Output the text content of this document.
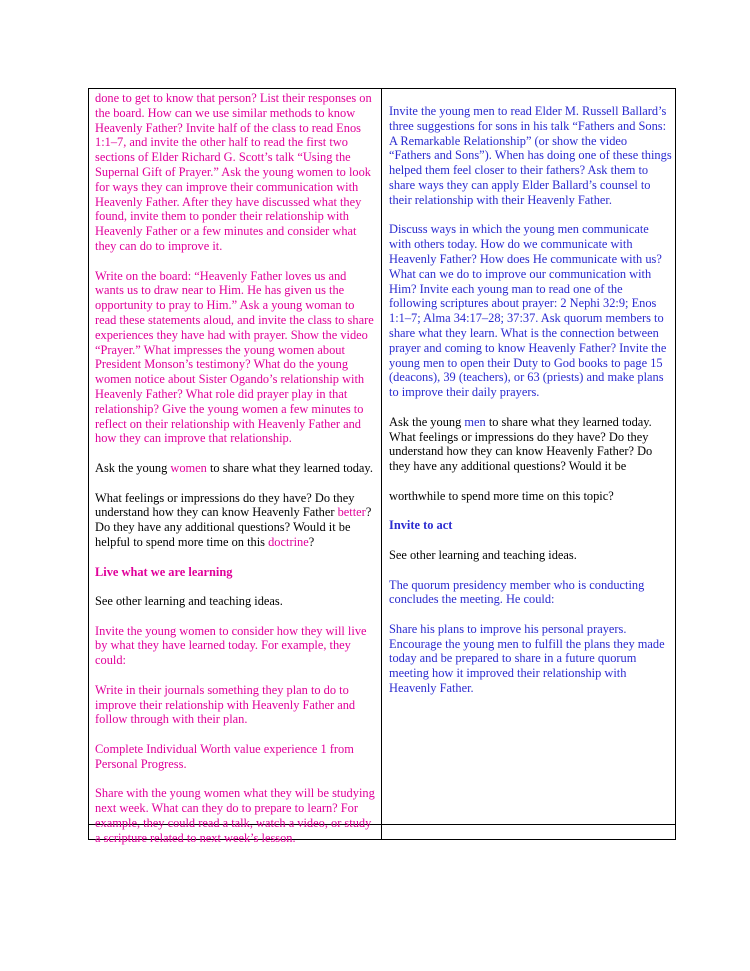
done to get to know that person? List their responses on the board. How can we use similar methods to know Heavenly Father? Invite half of the class to read Enos 1:1–7, and invite the other half to read the first two sections of Elder Richard G. Scott’s talk “Using the Supernal Gift of Prayer.” Ask the young women to look for ways they can improve their communication with Heavenly Father. After they have discussed what they found, invite them to ponder their relationship with Heavenly Father or a few minutes and consider what they can do to improve it.

Write on the board: “Heavenly Father loves us and wants us to draw near to Him. He has given us the opportunity to pray to Him.” Ask a young woman to read these statements aloud, and invite the class to share experiences they have had with prayer. Show the video “Prayer.” What impresses the young women about President Monson’s testimony? What do the young women notice about Sister Ogando’s relationship with Heavenly Father? What role did prayer play in that relationship? Give the young women a few minutes to reflect on their relationship with Heavenly Father and how they can improve that relationship.

Ask the young women to share what they learned today.

What feelings or impressions do they have? Do they understand how they can know Heavenly Father better? Do they have any additional questions? Would it be helpful to spend more time on this doctrine?

Live what we are learning

See other learning and teaching ideas.

Invite the young women to consider how they will live by what they have learned today. For example, they could:

Write in their journals something they plan to do to improve their relationship with Heavenly Father and follow through with their plan.

Complete Individual Worth value experience 1 from Personal Progress.

Share with the young women what they will be studying next week. What can they do to prepare to learn? For example, they could read a talk, watch a video, or study a scripture related to next week’s lesson.

Invite the young men to read Elder M. Russell Ballard’s three suggestions for sons in his talk “Fathers and Sons: A Remarkable Relationship” (or show the video “Fathers and Sons”). When has doing one of these things helped them feel closer to their fathers? Ask them to share ways they can apply Elder Ballard’s counsel to their relationship with their Heavenly Father.

Discuss ways in which the young men communicate with others today. How do we communicate with Heavenly Father? How does He communicate with us? What can we do to improve our communication with Him? Invite each young man to read one of the following scriptures about prayer: 2 Nephi 32:9; Enos 1:1–7; Alma 34:17–28; 37:37. Ask quorum members to share what they learn. What is the connection between prayer and coming to know Heavenly Father? Invite the young men to open their Duty to God books to page 15 (deacons), 39 (teachers), or 63 (priests) and make plans to improve their daily prayers.

Ask the young men to share what they learned today. What feelings or impressions do they have? Do they understand how they can know Heavenly Father? Do they have any additional questions? Would it be

worthwhile to spend more time on this topic?

Invite to act

See other learning and teaching ideas.

The quorum presidency member who is conducting concludes the meeting. He could:

Share his plans to improve his personal prayers. Encourage the young men to fulfill the plans they made today and be prepared to share in a future quorum meeting how it improved their relationship with Heavenly Father.
